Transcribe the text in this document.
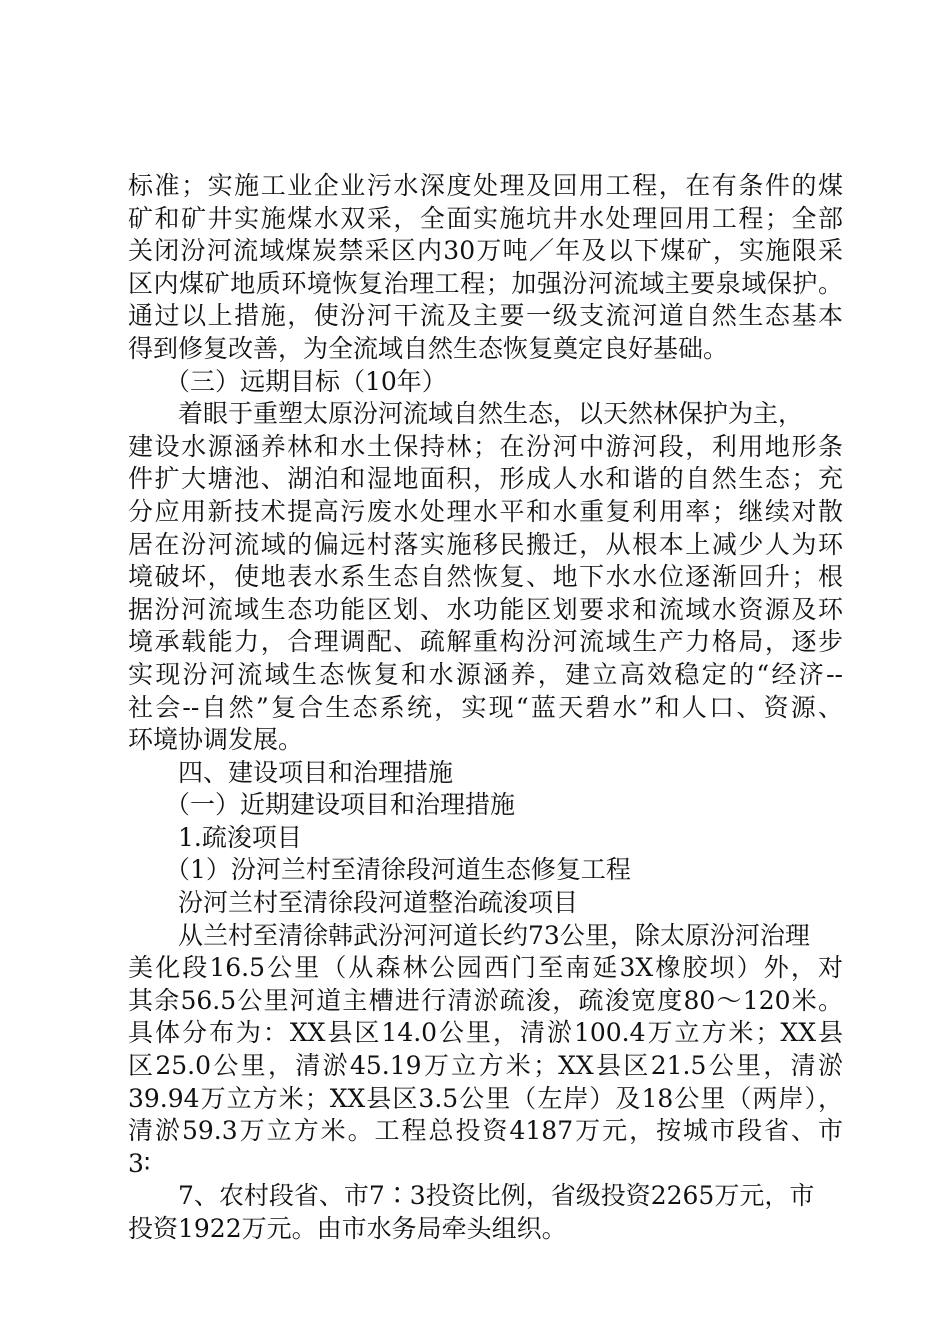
标准；实施工业企业污水深度处理及回用工程，在有条件的煤
矿和矿井实施煤水双采，全面实施坑井水处理回用工程；全部
关闭汾河流域煤炭禁采区内30万吨／年及以下煤矿，实施限采
区内煤矿地质环境恢复治理工程；加强汾河流域主要泉域保护。
通过以上措施，使汾河干流及主要一级支流河道自然生态基本
得到修复改善，为全流域自然生态恢复奠定良好基础。
（三）远期目标（10年）
着眼于重塑太原汾河流域自然生态，以天然林保护为主，
建设水源涵养林和水土保持林；在汾河中游河段，利用地形条
件扩大塘池、湖泊和湿地面积，形成人水和谐的自然生态；充
分应用新技术提高污废水处理水平和水重复利用率；继续对散
居在汾河流域的偏远村落实施移民搬迁，从根本上减少人为环
境破坏，使地表水系生态自然恢复、地下水水位逐渐回升；根
据汾河流域生态功能区划、水功能区划要求和流域水资源及环
境承载能力，合理调配、疏解重构汾河流域生产力格局，逐步
实现汾河流域生态恢复和水源涵养，建立高效稳定的“经济--
社会--自然”复合生态系统，实现“蓝天碧水”和人口、资源、
环境协调发展。
四、建设项目和治理措施
（一）近期建设项目和治理措施
1.疏浚项目
（1）汾河兰村至清徐段河道生态修复工程
汾河兰村至清徐段河道整治疏浚项目
从兰村至清徐韩武汾河河道长约73公里，除太原汾河治理
美化段16.5公里（从森林公园西门至南延3X橡胶坝）外，对
其余56.5公里河道主槽进行清淤疏浚，疏浚宽度80～120米。
具体分布为：XX县区14.0公里，清淤100.4万立方米；XX县
区25.0公里，清淤45.19万立方米；XX县区21.5公里，清淤
39.94万立方米；XX县区3.5公里（左岸）及18公里（两岸），
清淤59.3万立方米。工程总投资4187万元，按城市段省、市
3∶
7、农村段省、市7∶3投资比例，省级投资2265万元，市
投资1922万元。由市水务局牵头组织。
